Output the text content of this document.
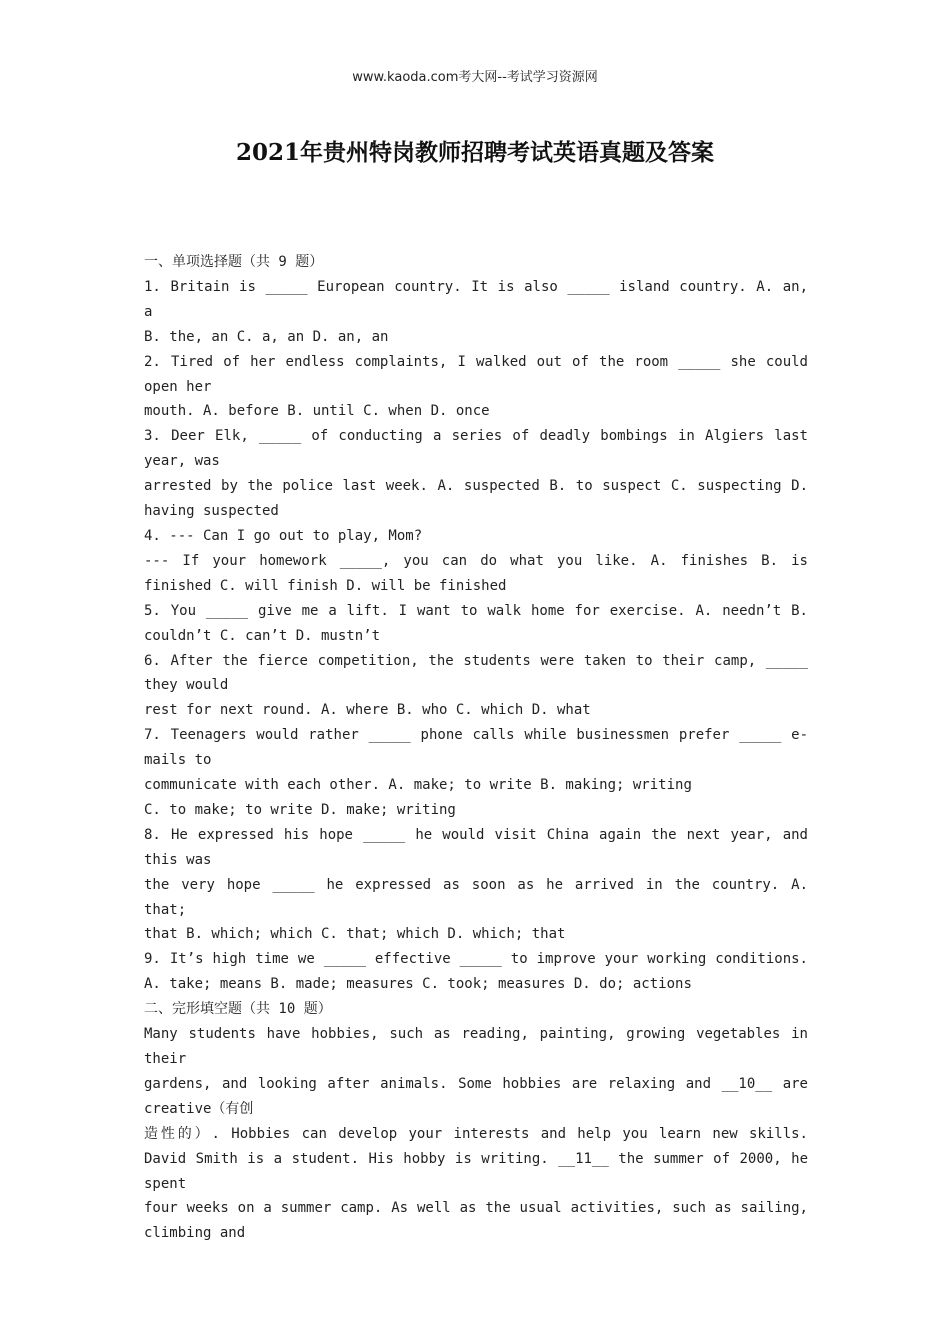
www.kaoda.com考大网--考试学习资源网
2021年贵州特岗教师招聘考试英语真题及答案
一、单项选择题（共 9 题）
1. Britain is _____ European country. It is also _____ island country. A. an, a
B. the, an C. a, an D. an, an
2. Tired of her endless complaints, I walked out of the room _____ she could
open her
mouth. A. before B. until C. when D. once
3. Deer Elk, _____ of conducting a series of deadly bombings in Algiers last
year, was
arrested by the police last week. A. suspected B. to suspect C. suspecting D.
having suspected
4. --- Can I go out to play, Mom?
--- If your homework _____, you can do what you like. A. finishes B. is
finished C. will finish D. will be finished
5. You _____ give me a lift. I want to walk home for exercise. A. needn’t B.
couldn’t C. can’t D. mustn’t
6. After the fierce competition, the students were taken to their camp, _____
they would
rest for next round. A. where B. who C. which D. what
7. Teenagers would rather _____ phone calls while businessmen prefer _____ e-
mails to
communicate with each other. A. make; to write B. making; writing
C. to make; to write D. make; writing
8. He expressed his hope _____ he would visit China again the next year, and
this was
the very hope _____ he expressed as soon as he arrived in the country. A. that;
that B. which; which C. that; which D. which; that
9. It’s high time we _____ effective _____ to improve your working conditions.
A. take; means B. made; measures C. took; measures D. do; actions
二、完形填空题（共 10 题）
Many students have hobbies, such as reading, painting, growing vegetables in
their
gardens, and looking after animals. Some hobbies are relaxing and __10__ are
creative（有创
造性的）. Hobbies can develop your interests and help you learn new skills.
David Smith is a student. His hobby is writing. __11__ the summer of 2000, he
spent
four weeks on a summer camp. As well as the usual activities, such as sailing,
climbing and
